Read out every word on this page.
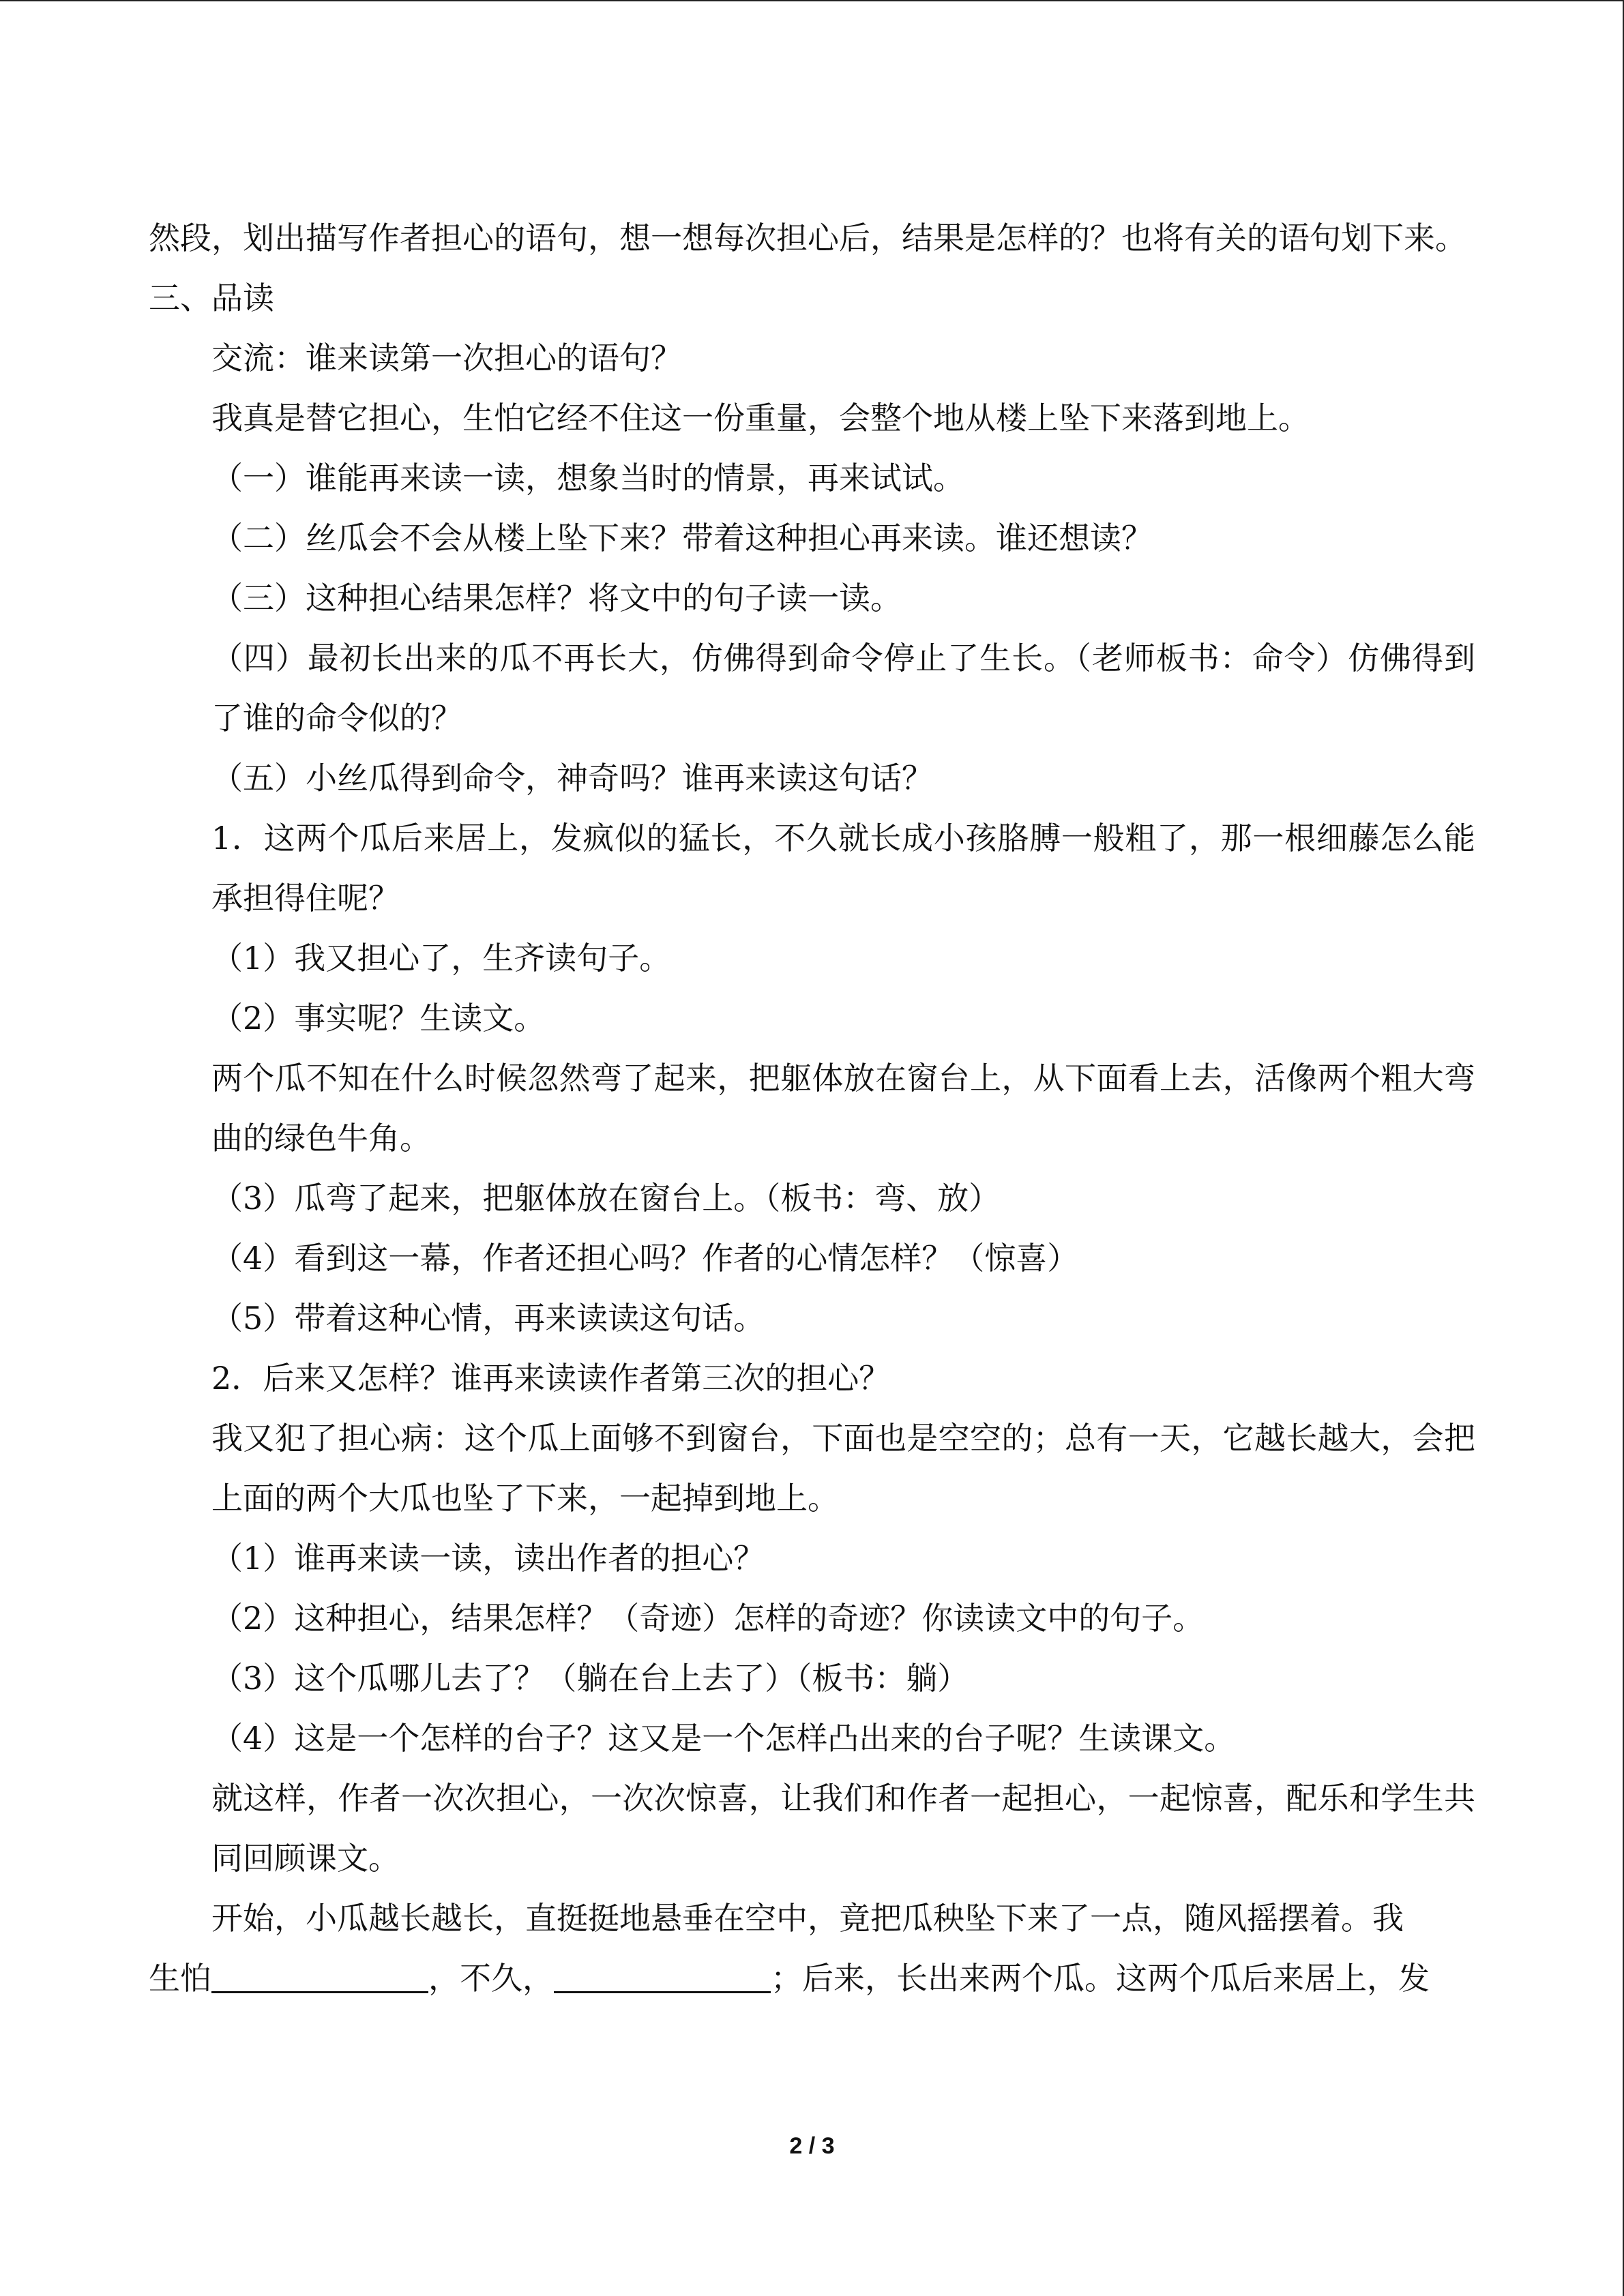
然段，划出描写作者担心的语句，想一想每次担心后，结果是怎样的？也将有关的语句划下来。

三、品读

交流：谁来读第一次担心的语句？

我真是替它担心，生怕它经不住这一份重量，会整个地从楼上坠下来落到地上。

（一）谁能再来读一读，想象当时的情景，再来试试。

（二）丝瓜会不会从楼上坠下来？带着这种担心再来读。谁还想读？

（三）这种担心结果怎样？将文中的句子读一读。

（四）最初长出来的瓜不再长大，仿佛得到命令停止了生长。（老师板书：命令）仿佛得到了谁的命令似的？

（五）小丝瓜得到命令，神奇吗？谁再来读这句话？

1．这两个瓜后来居上，发疯似的猛长，不久就长成小孩胳膊一般粗了，那一根细藤怎么能承担得住呢？

（1）我又担心了，生齐读句子。

（2）事实呢？生读文。

两个瓜不知在什么时候忽然弯了起来，把躯体放在窗台上，从下面看上去，活像两个粗大弯曲的绿色牛角。

（3）瓜弯了起来，把躯体放在窗台上。（板书：弯、放）

（4）看到这一幕，作者还担心吗？作者的心情怎样？（惊喜）

（5）带着这种心情，再来读读这句话。

2．后来又怎样？谁再来读读作者第三次的担心？

我又犯了担心病：这个瓜上面够不到窗台，下面也是空空的；总有一天，它越长越大，会把上面的两个大瓜也坠了下来，一起掉到地上。

（1）谁再来读一读，读出作者的担心？

（2）这种担心，结果怎样？（奇迹）怎样的奇迹？你读读文中的句子。

（3）这个瓜哪儿去了？（躺在台上去了）（板书：躺）

（4）这是一个怎样的台子？这又是一个怎样凸出来的台子呢？生读课文。

就这样，作者一次次担心，一次次惊喜，让我们和作者一起担心，一起惊喜，配乐和学生共同回顾课文。

开始，小瓜越长越长，直挺挺地悬垂在空中，竟把瓜秧坠下来了一点，随风摇摆着。我

生怕	，不久，	；后来，长出来两个瓜。这两个瓜后来居上，发

2 / 3
